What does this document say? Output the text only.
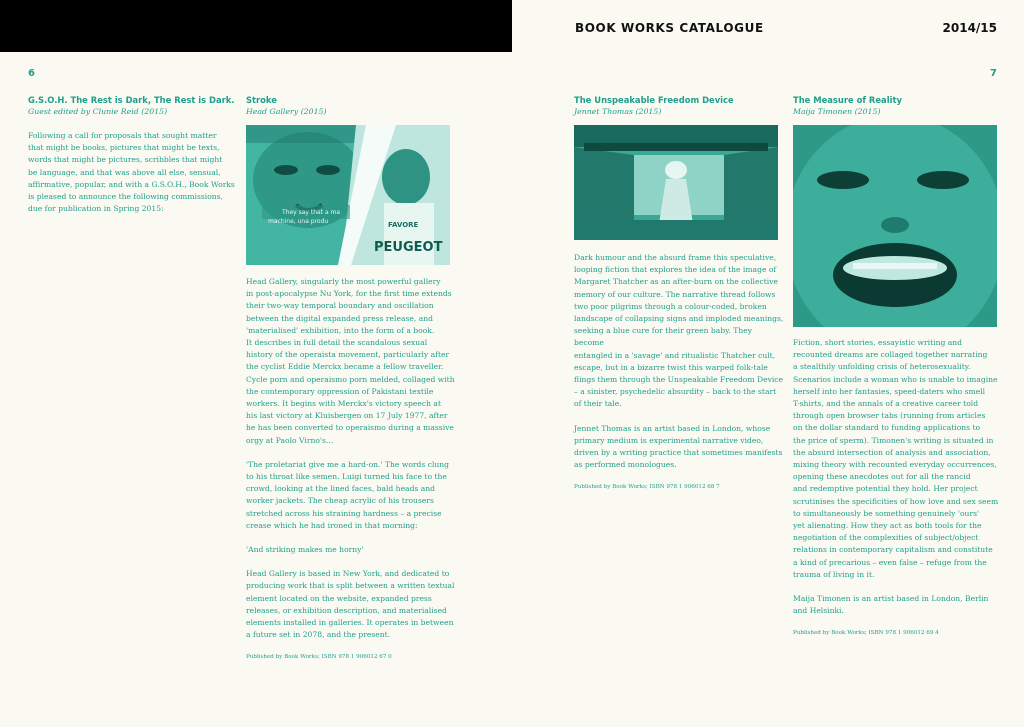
BOOK WORKS CATALOGUE	2014/15
6	7
G.S.O.H. The Rest is Dark, The Rest is Dark.
Guest edited by Clunie Reid (2015)

Following a call for proposals that sought matter
that might be books, pictures that might be texts,
words that might be pictures, scribbles that might
be language, and that was above all else, sensual,
affirmative, popular, and with a G.S.O.H., Book Works
is pleased to announce the following commissions,
due for publication in Spring 2015:

Stroke
Head Gallery (2015)
They say that a ma
machine, una produ	FAVORE
PEUGEOT

Head Gallery, singularly the most powerful gallery
in post-apocalypse Nu York, for the first time extends
their two-way temporal boundary and oscillation
between the digital expanded press release, and
'materialised' exhibition, into the form of a book.
It describes in full detail the scandalous sexual
history of the operaista movement, particularly after
the cyclist Eddie Merckx became a fellow traveller.
Cycle porn and operaismo porn melded, collaged with
the contemporary oppression of Pakistani textile
workers. It begins with Merckx's victory speech at
his last victory at Kluisbergen on 17 July 1977, after
he has been converted to operaismo during a massive
orgy at Paolo Virno's…

'The proletariat give me a hard-on.' The words clung
to his throat like semen. Luigi turned his face to the
crowd, looking at the lined faces, bald heads and
worker jackets. The cheap acrylic of his trousers
stretched across his straining hardness – a precise
crease which he had ironed in that morning:

'And striking makes me horny'

Head Gallery is based in New York, and dedicated to
producing work that is split between a written textual
element located on the website, expanded press
releases, or exhibition description, and materialised
elements installed in galleries. It operates in between
a future set in 2078, and the present.

Published by Book Works; ISBN 978 1 906012 67 0
The Unspeakable Freedom Device
Jennet Thomas (2015)

Dark humour and the absurd frame this speculative,
looping fiction that explores the idea of the image of
Margaret Thatcher as an after-burn on the collective
memory of our culture. The narrative thread follows
two poor pilgrims through a colour-coded, broken
landscape of collapsing signs and imploded meanings,
seeking a blue cure for their green baby. They become
entangled in a 'savage' and ritualistic Thatcher cult,
escape, but in a bizarre twist this warped folk-tale
flings them through the Unspeakable Freedom Device
– a sinister, psychedelic absurdity – back to the start
of their tale.

Jennet Thomas is an artist based in London, whose
primary medium is experimental narrative video,
driven by a writing practice that sometimes manifests
as performed monologues.

Published by Book Works; ISBN 978 1 906012 68 7
The Measure of Reality
Maija Timonen (2015)

Fiction, short stories, essayistic writing and
recounted dreams are collaged together narrating
a stealthily unfolding crisis of heterosexuality.
Scenarios include a woman who is unable to imagine
herself into her fantasies, speed-daters who smell
T-shirts, and the annals of a creative career told
through open browser tabs (running from articles
on the dollar standard to funding applications to
the price of sperm). Timonen's writing is situated in
the absurd intersection of analysis and association,
mixing theory with recounted everyday occurrences,
opening these anecdotes out for all the rancid
and redemptive potential they hold. Her project
scrutinises the specificities of how love and sex seem
to simultaneously be something genuinely 'ours'
yet alienating. How they act as both tools for the
negotiation of the complexities of subject/object
relations in contemporary capitalism and constitute
a kind of precarious – even false – refuge from the
trauma of living in it.

Maija Timonen is an artist based in London, Berlin
and Helsinki.

Published by Book Works; ISBN 978 1 906012 69 4
